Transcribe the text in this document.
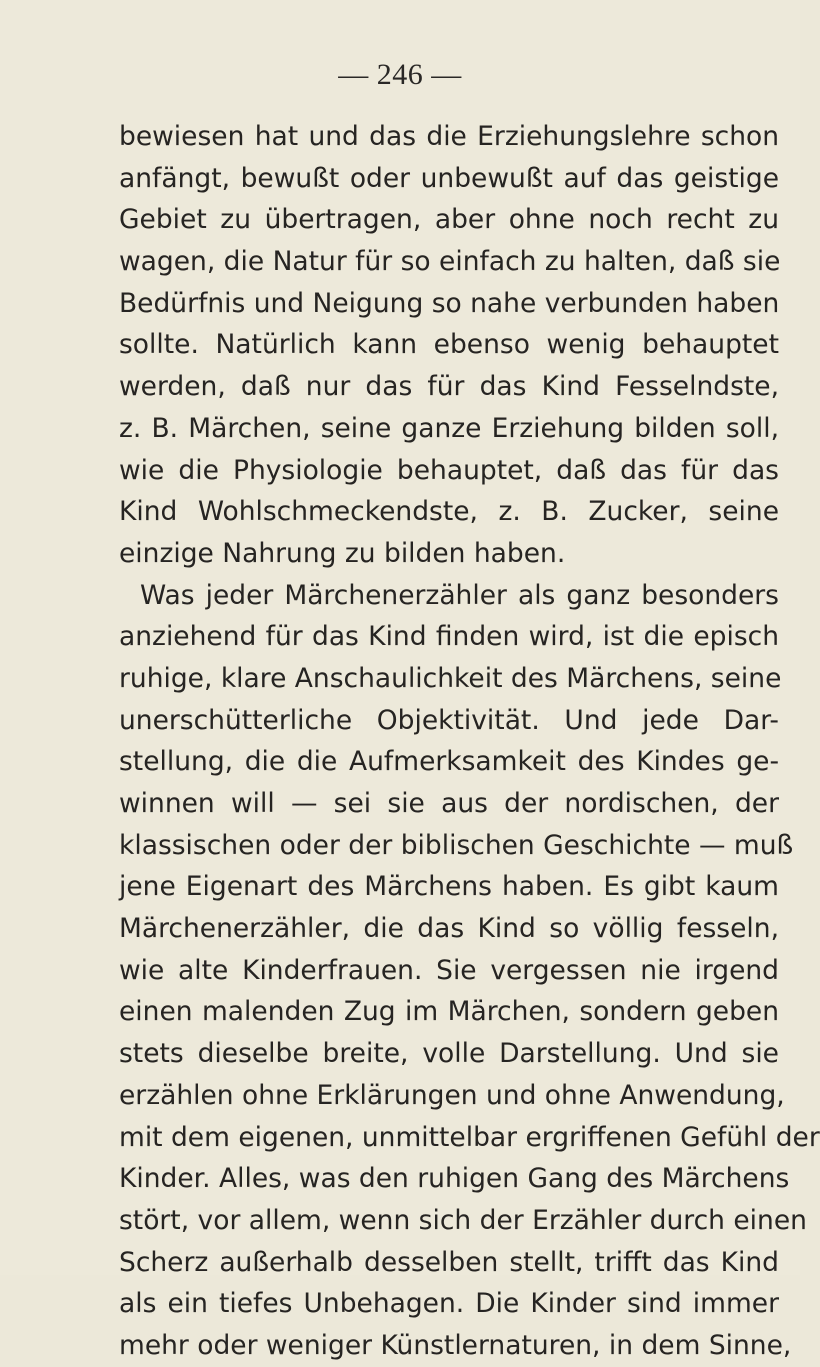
— 246 —
bewiesen hat und das die Erziehungslehre schon
anfängt, bewußt oder unbewußt auf das geistige
Gebiet zu übertragen, aber ohne noch recht zu
wagen, die Natur für so einfach zu halten, daß sie
Bedürfnis und Neigung so nahe verbunden haben
sollte. Natürlich kann ebenso wenig behauptet
werden, daß nur das für das Kind Fesselndste,
z. B. Märchen, seine ganze Erziehung bilden soll,
wie die Physiologie behauptet, daß das für das
Kind Wohlschmeckendste, z. B. Zucker, seine
einzige Nahrung zu bilden haben.
Was jeder Märchenerzähler als ganz besonders
anziehend für das Kind finden wird, ist die episch
ruhige, klare Anschaulichkeit des Märchens, seine
unerschütterliche Objektivität. Und jede Dar-
stellung, die die Aufmerksamkeit des Kindes ge-
winnen will — sei sie aus der nordischen, der
klassischen oder der biblischen Geschichte — muß
jene Eigenart des Märchens haben. Es gibt kaum
Märchenerzähler, die das Kind so völlig fesseln,
wie alte Kinderfrauen. Sie vergessen nie irgend
einen malenden Zug im Märchen, sondern geben
stets dieselbe breite, volle Darstellung. Und sie
erzählen ohne Erklärungen und ohne Anwendung,
mit dem eigenen, unmittelbar ergriffenen Gefühl der
Kinder. Alles, was den ruhigen Gang des Märchens
stört, vor allem, wenn sich der Erzähler durch einen
Scherz außerhalb desselben stellt, trifft das Kind
als ein tiefes Unbehagen. Die Kinder sind immer
mehr oder weniger Künstlernaturen, in dem Sinne,
